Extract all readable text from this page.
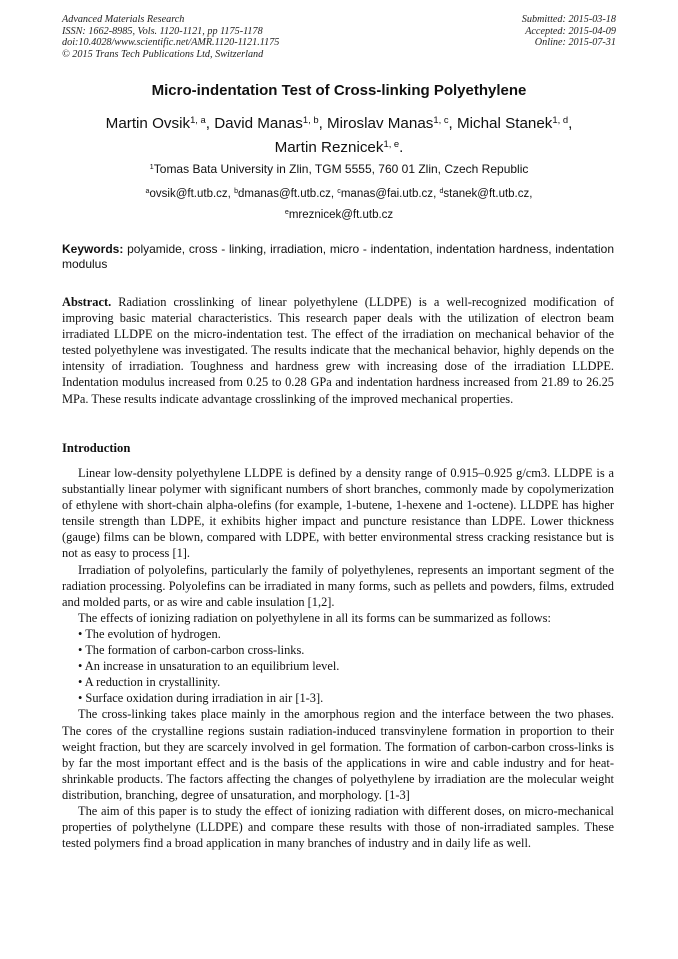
Advanced Materials Research
ISSN: 1662-8985, Vols. 1120-1121, pp 1175-1178
doi:10.4028/www.scientific.net/AMR.1120-1121.1175
© 2015 Trans Tech Publications Ltd, Switzerland
Submitted: 2015-03-18
Accepted: 2015-04-09
Online: 2015-07-31
Micro-indentation Test of Cross-linking Polyethylene
Martin Ovsik$^{1, a}$, David Manas$^{1, b}$, Miroslav Manas$^{1, c}$, Michal Stanek$^{1, d}$,
Martin Reznicek$^{1, e}$.
$^1$Tomas Bata University in Zlin, TGM 5555, 760 01 Zlin, Czech Republic
$^a$ovsik@ft.utb.cz, $^b$dmanas@ft.utb.cz, $^c$manas@fai.utb.cz, $^d$stanek@ft.utb.cz,
$^e$mreznicek@ft.utb.cz
Keywords: polyamide, cross - linking, irradiation, micro - indentation, indentation hardness, indentation modulus
Abstract. Radiation crosslinking of linear polyethylene (LLDPE) is a well-recognized modification of improving basic material characteristics. This research paper deals with the utilization of electron beam irradiated LLDPE on the micro-indentation test. The effect of the irradiation on mechanical behavior of the tested polyethylene was investigated. The results indicate that the mechanical behavior, highly depends on the intensity of irradiation. Toughness and hardness grew with increasing dose of the irradiation LLDPE. Indentation modulus increased from 0.25 to 0.28 GPa and indentation hardness increased from 21.89 to 26.25 MPa. These results indicate advantage crosslinking of the improved mechanical properties.
Introduction

Linear low-density polyethylene LLDPE is defined by a density range of 0.915–0.925 g/cm3. LLDPE is a substantially linear polymer with significant numbers of short branches, commonly made by copolymerization of ethylene with short-chain alpha-olefins (for example, 1-butene, 1-hexene and 1-octene). LLDPE has higher tensile strength than LDPE, it exhibits higher impact and puncture resistance than LDPE. Lower thickness (gauge) films can be blown, compared with LDPE, with better environmental stress cracking resistance but is not as easy to process [1].

Irradiation of polyolefins, particularly the family of polyethylenes, represents an important segment of the radiation processing. Polyolefins can be irradiated in many forms, such as pellets and powders, films, extruded and molded parts, or as wire and cable insulation [1,2].

The effects of ionizing radiation on polyethylene in all its forms can be summarized as follows:

• The evolution of hydrogen.

• The formation of carbon-carbon cross-links.

• An increase in unsaturation to an equilibrium level.

• A reduction in crystallinity.

• Surface oxidation during irradiation in air [1-3].

The cross-linking takes place mainly in the amorphous region and the interface between the two phases. The cores of the crystalline regions sustain radiation-induced transvinylene formation in proportion to their weight fraction, but they are scarcely involved in gel formation. The formation of carbon-carbon cross-links is by far the most important effect and is the basis of the applications in wire and cable industry and for heat-shrinkable products. The factors affecting the changes of polyethylene by irradiation are the molecular weight distribution, branching, degree of unsaturation, and morphology. [1-3]

The aim of this paper is to study the effect of ionizing radiation with different doses, on micro-mechanical properties of polythelyne (LLDPE) and compare these results with those of non-irradiated samples. These tested polymers find a broad application in many branches of industry and in daily life as well.
